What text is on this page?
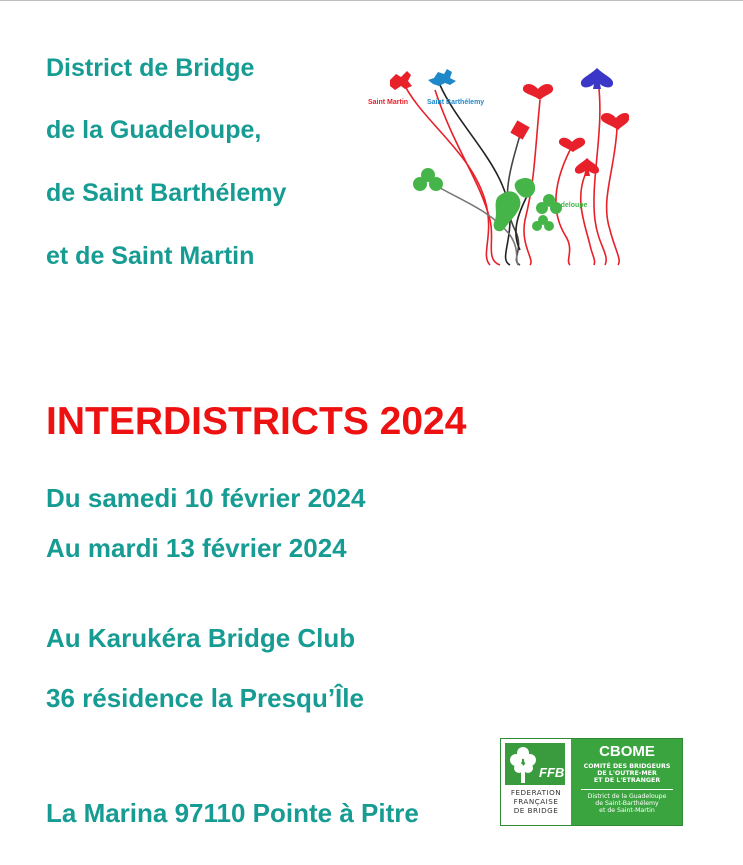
District de Bridge
de la Guadeloupe,
de Saint Barthélemy
et de Saint Martin
Saint Martin	Saint Barthélemy
Guadeloupe
INTERDISTRICTS 2024
Du samedi 10 février 2024
Au mardi 13 février 2024
Au Karukéra Bridge Club
36 résidence la Presqu’Île
La Marina 97110 Pointe à Pitre
FFB
FEDERATION
FRANÇAISE
DE BRIDGE
CBOME
COMITÉ DES BRIDGEURS
DE L'OUTRE-MER
ET DE L'ETRANGER
District de la Guadeloupe
de Saint-Barthélemy
et de Saint-Martin
